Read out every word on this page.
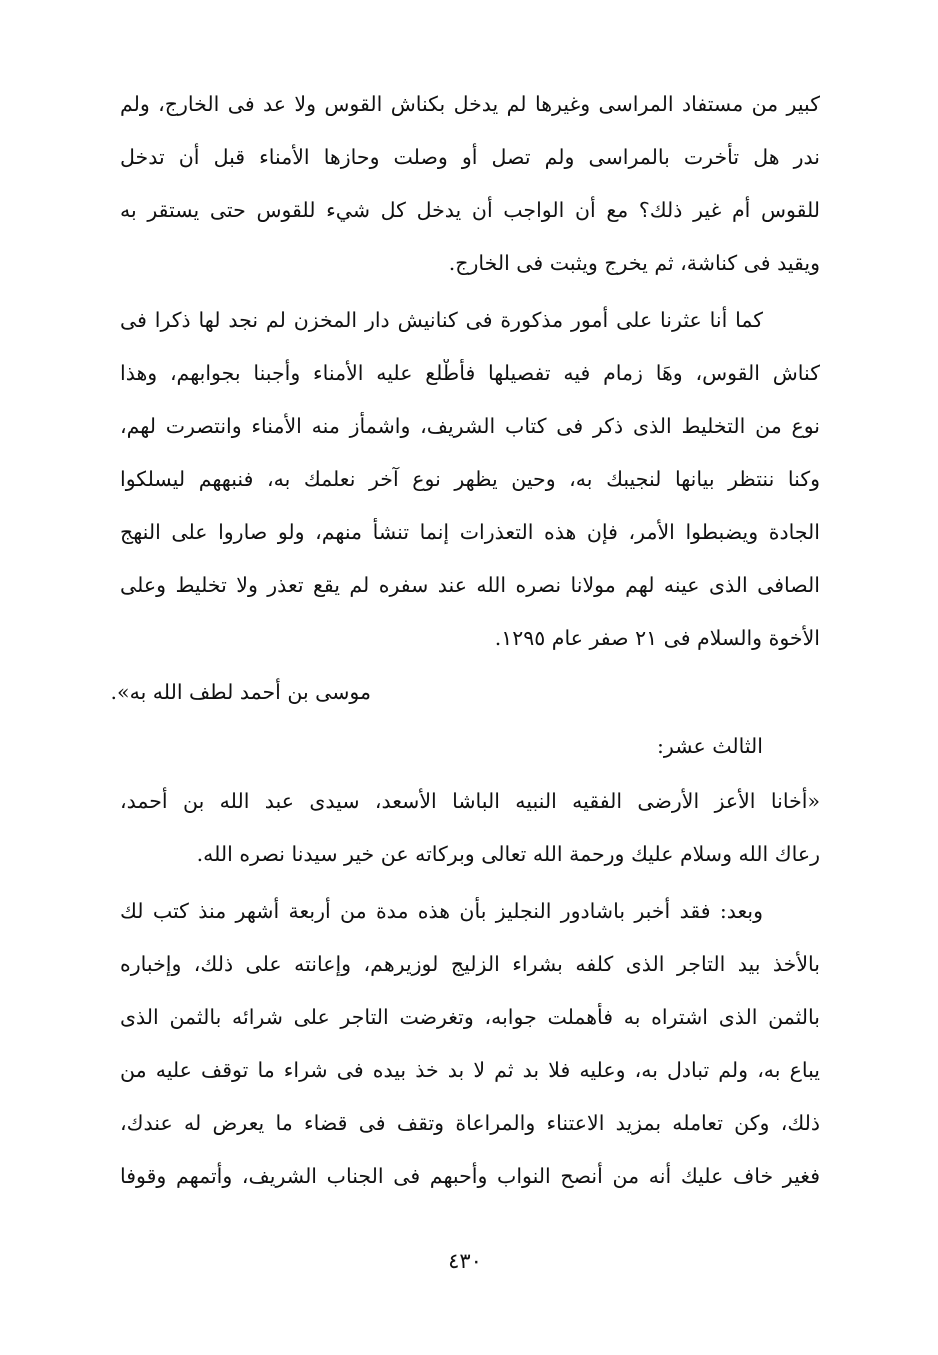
كبير من مستفاد المراسى وغيرها لم يدخل بكناش القوس ولا عد فى الخارج، ولم
ندر هل تأخرت بالمراسى ولم تصل أو وصلت وحازها الأمناء قبل أن تدخل
للقوس أم غير ذلك؟ مع أن الواجب أن يدخل كل شيء للقوس حتى يستقر به
ويقيد فى كناشة، ثم يخرج ويثبت فى الخارج.
كما أنا عثرنا على أمور مذكورة فى كنانيش دار المخزن لم نجد لها ذكرا فى
كناش القوس، وهَا زمام فيه تفصيلها فأطْلع عليه الأمناء وأجبنا بجوابهم، وهذا
نوع من التخليط الذى ذكر فى كتاب الشريف، واشمأز منه الأمناء وانتصرت لهم،
وكنا ننتظر بيانها لنجيبك به، وحين يظهر نوع آخر نعلمك به، فنبههم ليسلكوا
الجادة ويضبطوا الأمر، فإن هذه التعذرات إنما تنشأ منهم، ولو صاروا على النهج
الصافى الذى عينه لهم مولانا نصره الله عند سفره لم يقع تعذر ولا تخليط وعلى
الأخوة والسلام فى ٢١ صفر عام ١٢٩٥.
موسى بن أحمد لطف الله به».
الثالث عشر:
«أخانا الأعز الأرضى الفقيه النبيه الباشا الأسعد، سيدى عبد الله بن أحمد،
رعاك الله وسلام عليك ورحمة الله تعالى وبركاته عن خير سيدنا نصره الله.
وبعد: فقد أخبر باشادور النجليز بأن هذه مدة من أربعة أشهر منذ كتب لك
بالأخذ بيد التاجر الذى كلفه بشراء الزليج لوزيرهم، وإعانته على ذلك، وإخباره
بالثمن الذى اشتراه به فأهملت جوابه، وتغرضت التاجر على شرائه بالثمن الذى
يباع به، ولم تبادل به، وعليه فلا بد ثم لا بد خذ بيده فى شراء ما توقف عليه من
ذلك، وكن تعامله بمزيد الاعتناء والمراعاة وتقف فى قضاء ما يعرض له عندك،
فغير خاف عليك أنه من أنصح النواب وأحبهم فى الجناب الشريف، وأتمهم وقوفا
٤٣٠
